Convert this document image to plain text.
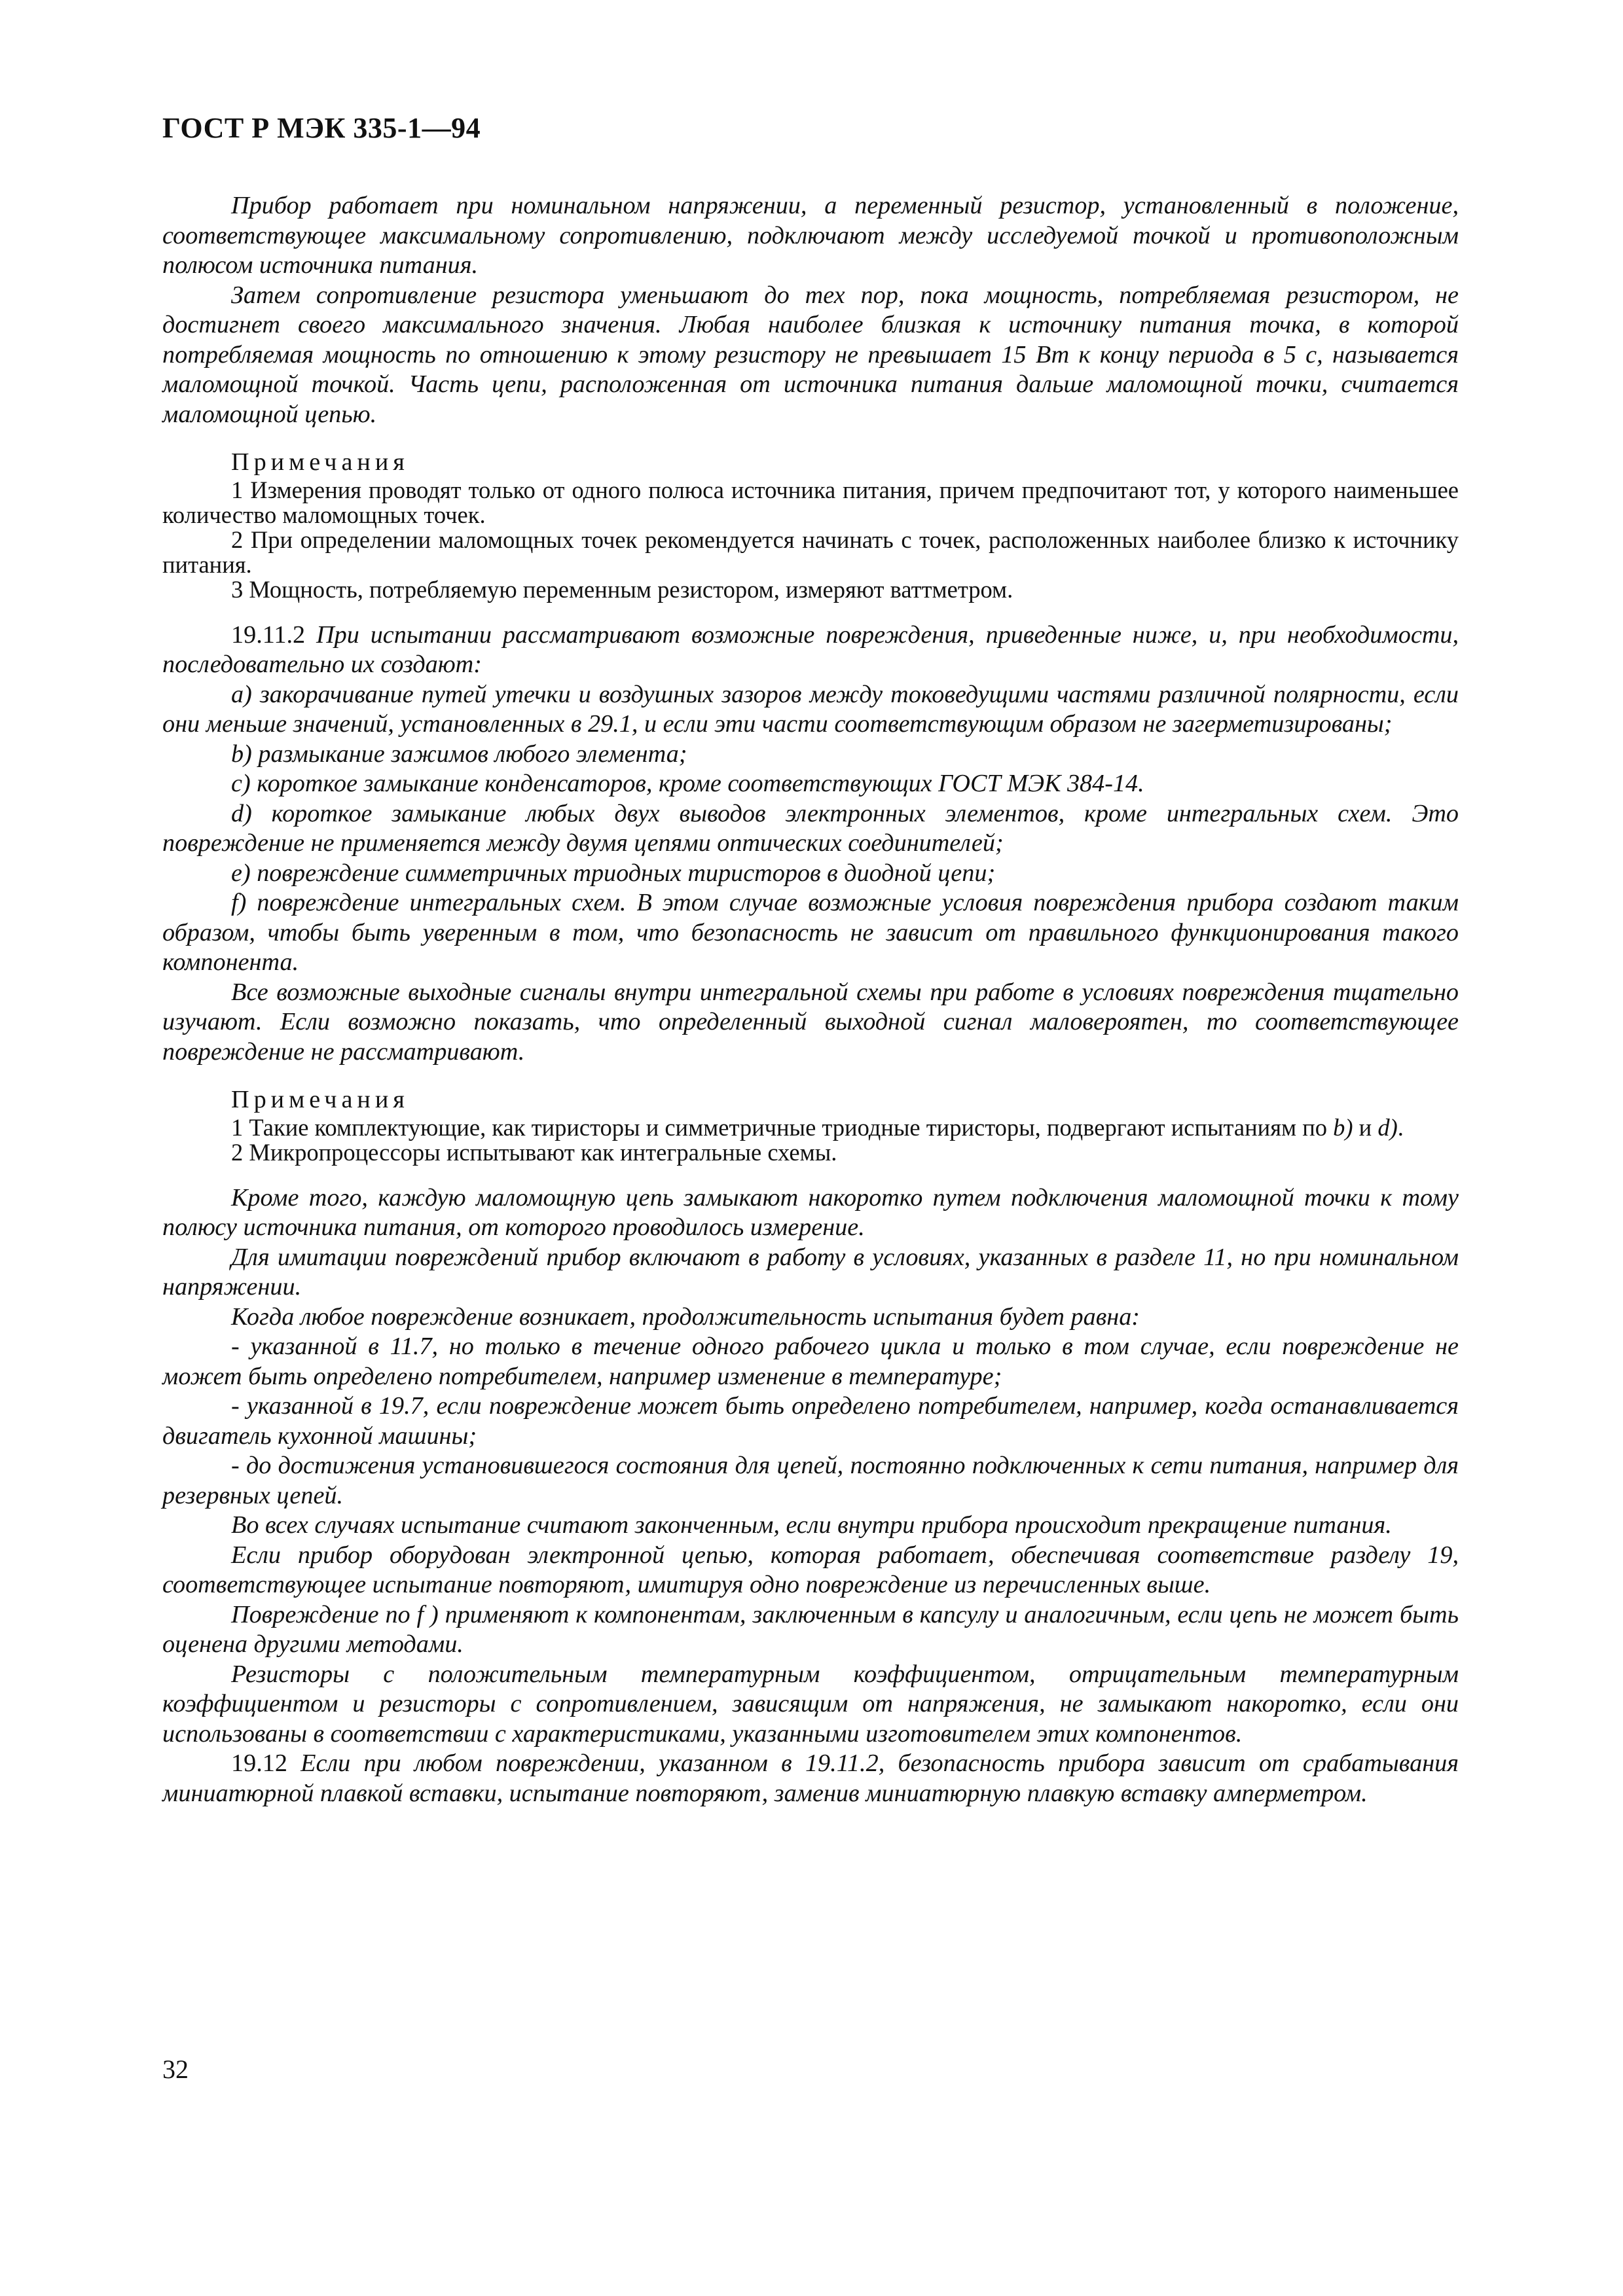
ГОСТ Р МЭК 335-1—94

Прибор работает при номинальном напряжении, а переменный резистор, установленный в положение, соответствующее максимальному сопротивлению, подключают между исследуемой точкой и противоположным полюсом источника питания.

Затем сопротивление резистора уменьшают до тех пор, пока мощность, потребляемая резистором, не достигнет своего максимального значения. Любая наиболее близкая к источнику питания точка, в которой потребляемая мощность по отношению к этому резистору не превышает 15 Вт к концу периода в 5 с, называется маломощной точкой. Часть цепи, расположенная от источника питания дальше маломощной точки, считается маломощной цепью.

Примечания

1 Измерения проводят только от одного полюса источника питания, причем предпочитают тот, у которого наименьшее количество маломощных точек.

2 При определении маломощных точек рекомендуется начинать с точек, расположенных наиболее близко к источнику питания.

3 Мощность, потребляемую переменным резистором, измеряют ваттметром.

19.11.2 При испытании рассматривают возможные повреждения, приведенные ниже, и, при необходимости, последовательно их создают:

a) закорачивание путей утечки и воздушных зазоров между токоведущими частями различной полярности, если они меньше значений, установленных в 29.1, и если эти части соответствующим образом не загерметизированы;

b) размыкание зажимов любого элемента;

c) короткое замыкание конденсаторов, кроме соответствующих ГОСТ МЭК 384-14.

d) короткое замыкание любых двух выводов электронных элементов, кроме интегральных схем. Это повреждение не применяется между двумя цепями оптических соединителей;

e) повреждение симметричных триодных тиристоров в диодной цепи;

f) повреждение интегральных схем. В этом случае возможные условия повреждения прибора создают таким образом, чтобы быть уверенным в том, что безопасность не зависит от правильного функционирования такого компонента.

Все возможные выходные сигналы внутри интегральной схемы при работе в условиях повреждения тщательно изучают. Если возможно показать, что определенный выходной сигнал маловероятен, то соответствующее повреждение не рассматривают.

Примечания

1 Такие комплектующие, как тиристоры и симметричные триодные тиристоры, подвергают испытаниям по b) и d).

2 Микропроцессоры испытывают как интегральные схемы.

Кроме того, каждую маломощную цепь замыкают накоротко путем подключения маломощной точки к тому полюсу источника питания, от которого проводилось измерение.

Для имитации повреждений прибор включают в работу в условиях, указанных в разделе 11, но при номинальном напряжении.

Когда любое повреждение возникает, продолжительность испытания будет равна:

- указанной в 11.7, но только в течение одного рабочего цикла и только в том случае, если повреждение не может быть определено потребителем, например изменение в температуре;

- указанной в 19.7, если повреждение может быть определено потребителем, например, когда останавливается двигатель кухонной машины;

- до достижения установившегося состояния для цепей, постоянно подключенных к сети питания, например для резервных цепей.

Во всех случаях испытание считают законченным, если внутри прибора происходит прекращение питания.

Если прибор оборудован электронной цепью, которая работает, обеспечивая соответствие разделу 19, соответствующее испытание повторяют, имитируя одно повреждение из перечисленных выше.

Повреждение по f ) применяют к компонентам, заключенным в капсулу и аналогичным, если цепь не может быть оценена другими методами.

Резисторы с положительным температурным коэффициентом, отрицательным температурным коэффициентом и резисторы с сопротивлением, зависящим от напряжения, не замыкают накоротко, если они использованы в соответствии с характеристиками, указанными изготовителем этих компонентов.

19.12 Если при любом повреждении, указанном в 19.11.2, безопасность прибора зависит от срабатывания миниатюрной плавкой вставки, испытание повторяют, заменив миниатюрную плавкую вставку амперметром.

32
